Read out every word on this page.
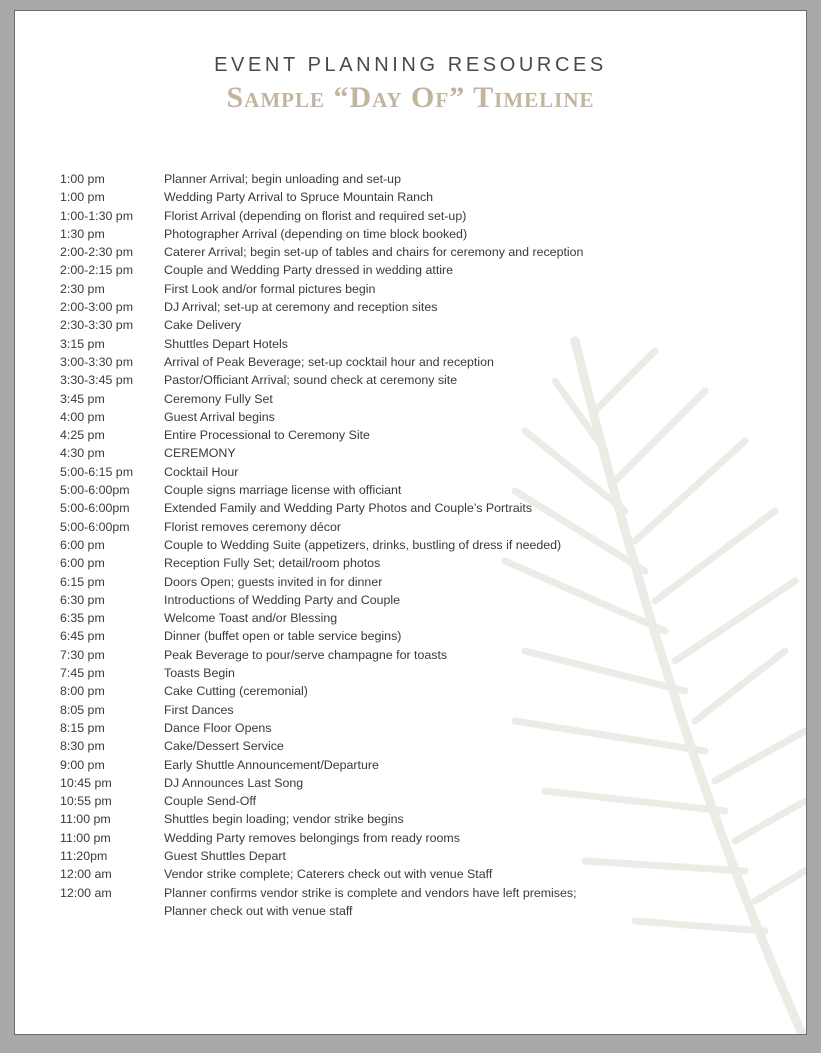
EVENT PLANNING RESOURCES
Sample “Day Of” Timeline
1:00 pm	Planner Arrival; begin unloading and set-up
1:00 pm	Wedding Party Arrival to Spruce Mountain Ranch
1:00-1:30 pm	Florist Arrival (depending on florist and required set-up)
1:30 pm	Photographer Arrival (depending on time block booked)
2:00-2:30 pm	Caterer Arrival; begin set-up of tables and chairs for ceremony and reception
2:00-2:15 pm	Couple and Wedding Party dressed in wedding attire
2:30 pm	First Look and/or formal pictures begin
2:00-3:00 pm	DJ Arrival; set-up at ceremony and reception sites
2:30-3:30 pm	Cake Delivery
3:15 pm	Shuttles Depart Hotels
3:00-3:30 pm	Arrival of Peak Beverage; set-up cocktail hour and reception
3:30-3:45 pm	Pastor/Officiant Arrival; sound check at ceremony site
3:45 pm	Ceremony Fully Set
4:00 pm	Guest Arrival begins
4:25 pm	Entire Processional to Ceremony Site
4:30 pm	CEREMONY
5:00-6:15 pm	Cocktail Hour
5:00-6:00pm	Couple signs marriage license with officiant
5:00-6:00pm	Extended Family and Wedding Party Photos and Couple’s Portraits
5:00-6:00pm	Florist removes ceremony décor
6:00 pm	Couple to Wedding Suite (appetizers, drinks, bustling of dress if needed)
6:00 pm	Reception Fully Set; detail/room photos
6:15 pm	Doors Open; guests invited in for dinner
6:30 pm	Introductions of Wedding Party and Couple
6:35 pm	Welcome Toast and/or Blessing
6:45 pm	Dinner (buffet open or table service begins)
7:30 pm	Peak Beverage to pour/serve champagne for toasts
7:45 pm	Toasts Begin
8:00 pm	Cake Cutting (ceremonial)
8:05 pm	First Dances
8:15 pm	Dance Floor Opens
8:30 pm	Cake/Dessert Service
9:00 pm	Early Shuttle Announcement/Departure
10:45 pm	DJ Announces Last Song
10:55 pm	Couple Send-Off
11:00 pm	Shuttles begin loading; vendor strike begins
11:00 pm	Wedding Party removes belongings from ready rooms
11:20pm	Guest Shuttles Depart
12:00 am	Vendor strike complete; Caterers check out with venue Staff
12:00 am	Planner confirms vendor strike is complete and vendors have left premises;
Planner check out with venue staff
